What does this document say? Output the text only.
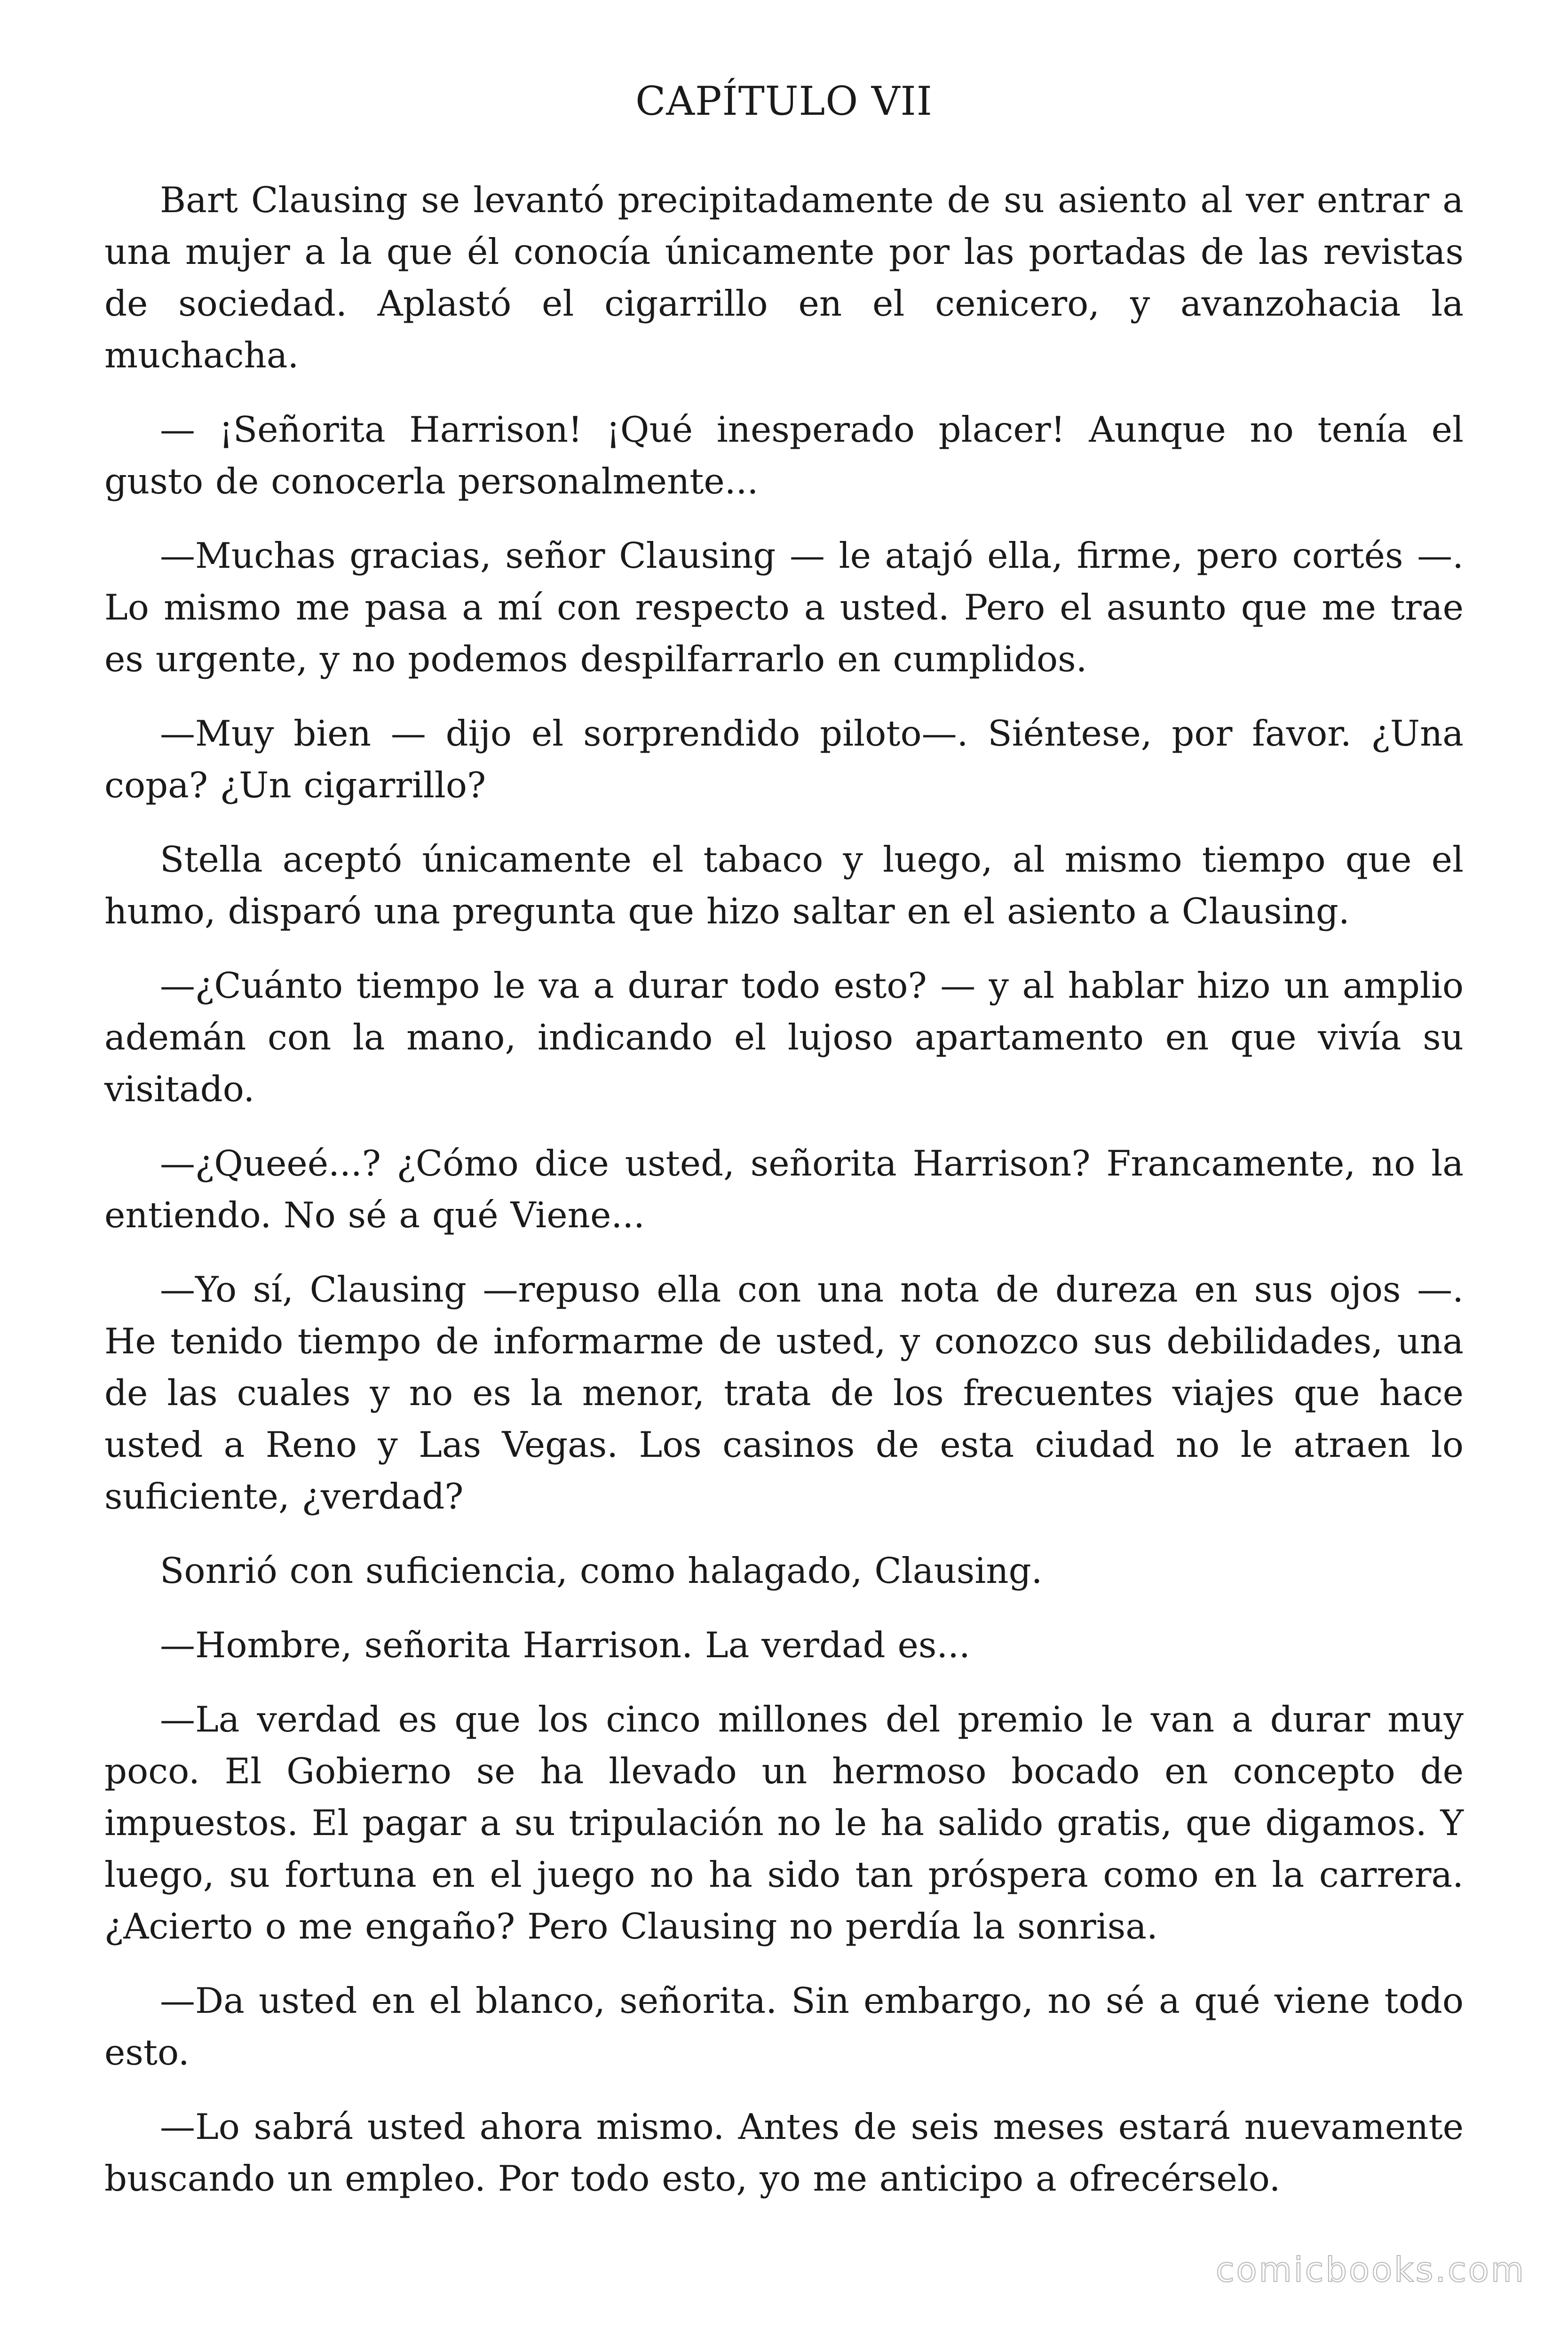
CAPÍTULO VII

Bart Clausing se levantó precipitadamente de su asiento al ver entrar a una mujer a la que él conocía únicamente por las portadas de las revistas de sociedad. Aplastó el cigarrillo en el cenicero, y avanzohacia la muchacha.

— ¡Señorita Harrison! ¡Qué inesperado placer! Aunque no tenía el gusto de conocerla personalmente...

—Muchas gracias, señor Clausing — le atajó ella, firme, pero cortés —. Lo mismo me pasa a mí con respecto a usted. Pero el asunto que me trae es urgente, y no podemos despilfarrarlo en cumplidos.

—Muy bien — dijo el sorprendido piloto—. Siéntese, por favor. ¿Una copa? ¿Un cigarrillo?

Stella aceptó únicamente el tabaco y luego, al mismo tiempo que el humo, disparó una pregunta que hizo saltar en el asiento a Clausing.

—¿Cuánto tiempo le va a durar todo esto? — y al hablar hizo un amplio ademán con la mano, indicando el lujoso apartamento en que vivía su visitado.

—¿Queeé...? ¿Cómo dice usted, señorita Harrison? Francamente, no la entiendo. No sé a qué Viene...

—Yo sí, Clausing —repuso ella con una nota de dureza en sus ojos —. He tenido tiempo de informarme de usted, y conozco sus debilidades, una de las cuales y no es la menor, trata de los frecuentes viajes que hace usted a Reno y Las Vegas. Los casinos de esta ciudad no le atraen lo suficiente, ¿verdad?

Sonrió con suficiencia, como halagado, Clausing.

—Hombre, señorita Harrison. La verdad es...

—La verdad es que los cinco millones del premio le van a durar muy poco. El Gobierno se ha llevado un hermoso bocado en concepto de impuestos. El pagar a su tripulación no le ha salido gratis, que digamos. Y luego, su fortuna en el juego no ha sido tan próspera como en la carrera. ¿Acierto o me engaño? Pero Clausing no perdía la sonrisa.

—Da usted en el blanco, señorita. Sin embargo, no sé a qué viene todo esto.

—Lo sabrá usted ahora mismo. Antes de seis meses estará nuevamente buscando un empleo. Por todo esto, yo me anticipo a ofrecérselo.

comicbooks.com
